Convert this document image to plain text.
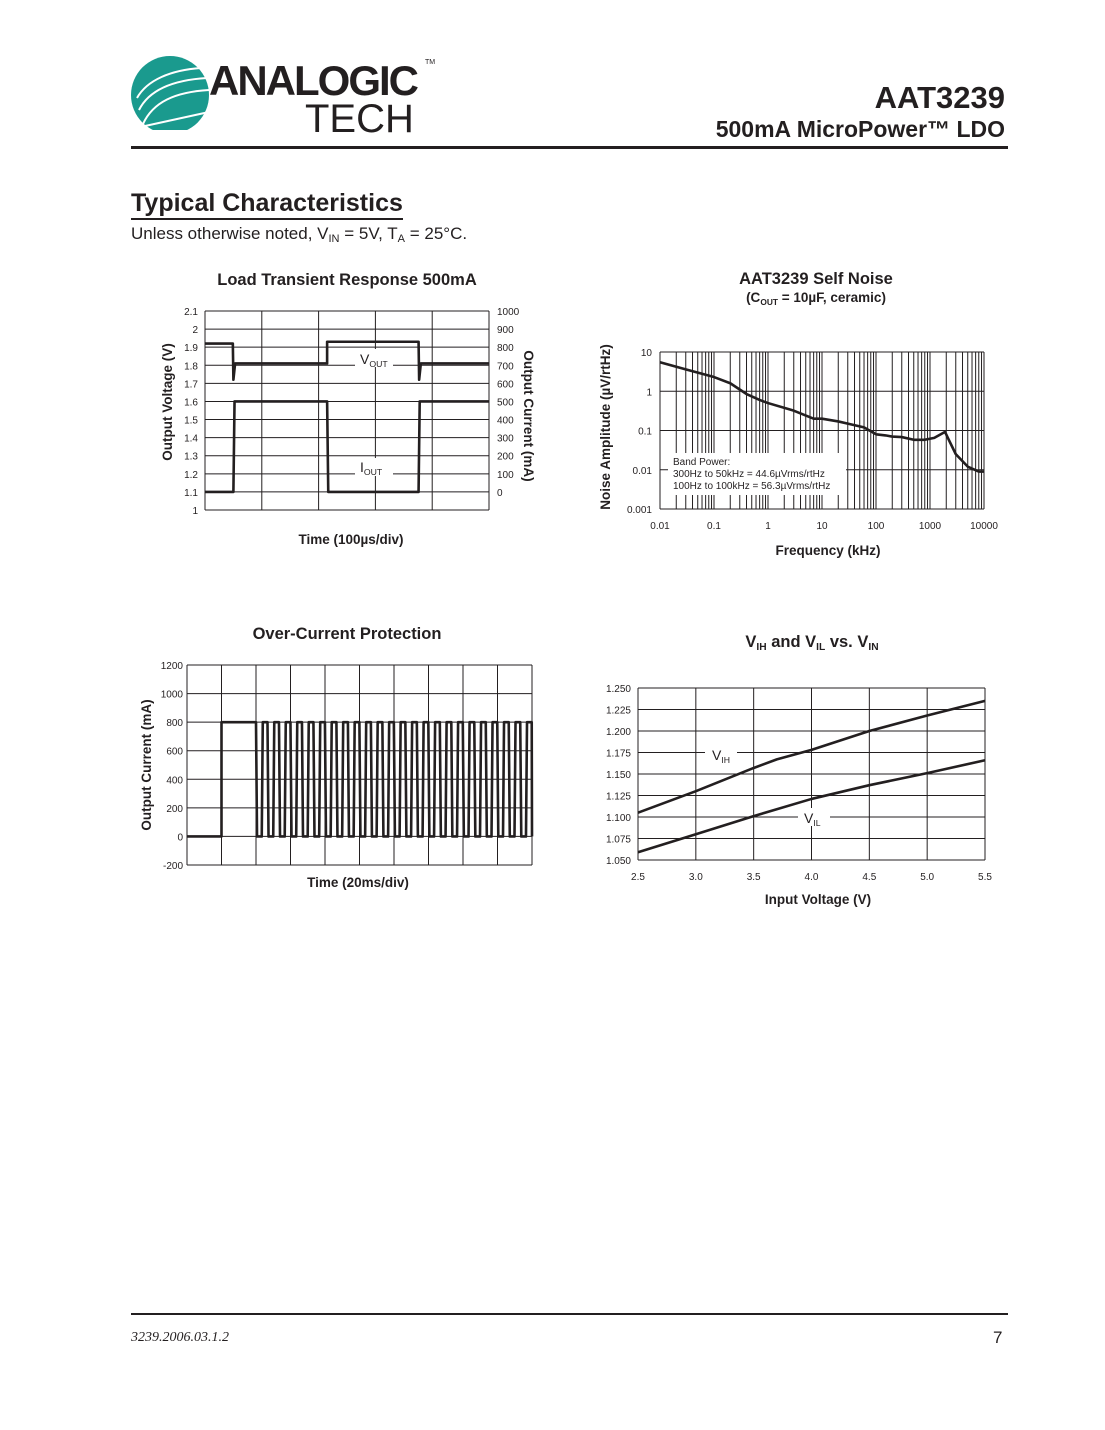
ANALOGIC
TECH
TM
AAT3239
500mA MicroPower™ LDO
Typical Characteristics
Unless otherwise noted, $V_{IN} = 5V$, $T_A = 25^\circ C$.
2.1
2
1.9
1.8
1.7
1.6
1.5
1.4
1.3
1.2
1.1
1
1000
900
800
700
600
500
400
300
200
100
0
Load Transient Response 500mA
Time (100µs/div)
Output Voltage (V)	Output Current (mA)
$V_{OUT}$
$I_{OUT}$
Band Power:
300Hz to 50kHz = 44.6µVrms/rtHz
100Hz to 100kHz = 56.3µVrms/rtHz
10
1
0.1
0.01
0.001
0.01	0.1	1	10	100	1000	10000
AAT3239 Self Noise
Frequency (kHz)
Noise Amplitude (µV/rtHz)
($C_{OUT} = 10\mu F$, ceramic)
1200
1000
800
600
400
200
0
-200
Over-Current Protection
Time (20ms/div)
Output Current (mA)
1.250
1.225
1.200
1.175
1.150
1.125
1.100
1.075
1.050
2.5	3.0	3.5	4.0	4.5	5.0	5.5
Input Voltage (V)
$V_{IH}$
$V_{IL}$
VIH and VIL vs. VIN
3239.2006.03.1.2	7
